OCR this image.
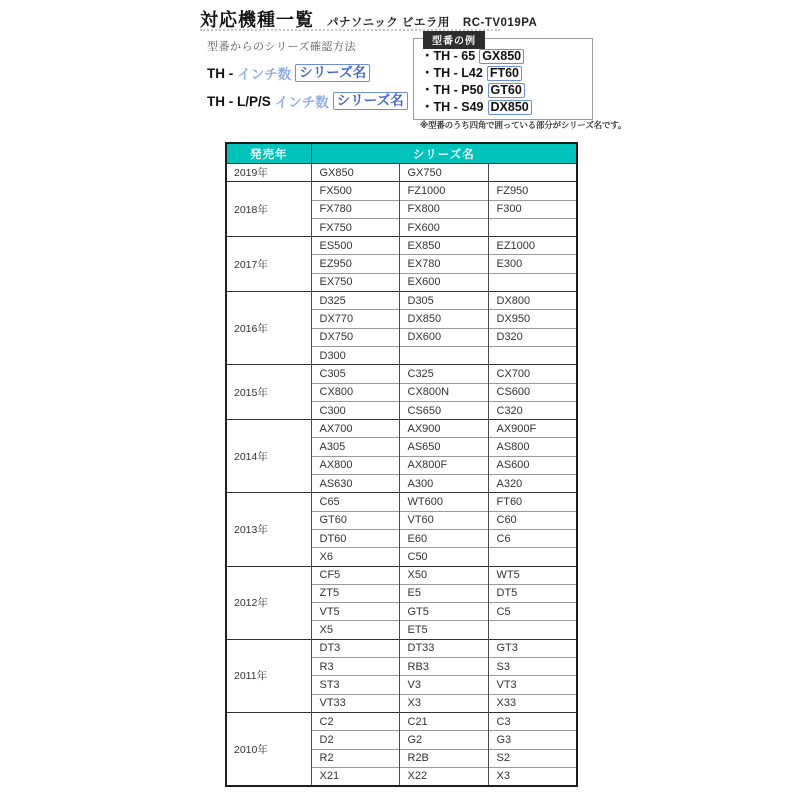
対応機種一覧 パナソニック ビエラ用 RC-TV019PA

型番からのシリーズ確認方法

TH - インチ数 シリーズ名
TH - L/P/S インチ数 シリーズ名
型番の例
・TH - 65 GX850
・TH - L42 FT60
・TH - P50 GT60
・TH - S49 DX850
※型番のうち四角で囲っている部分がシリーズ名です。
発売年	シリーズ名		
2019年	GX850	GX750	
2018年	FX500	FZ1000	FZ950
	FX780	FX800	F300
	FX750	FX600	
2017年	ES500	EX850	EZ1000
	EZ950	EX780	E300
	EX750	EX600	
2016年	D325	D305	DX800
	DX770	DX850	DX950
	DX750	DX600	D320
	D300		
2015年	C305	C325	CX700
	CX800	CX800N	CS600
	C300	CS650	C320
2014年	AX700	AX900	AX900F
	A305	AS650	AS800
	AX800	AX800F	AS600
	AS630	A300	A320
2013年	C65	WT600	FT60
	GT60	VT60	C60
	DT60	E60	C6
	X6	C50	
2012年	CF5	X50	WT5
	ZT5	E5	DT5
	VT5	GT5	C5
	X5	ET5	
2011年	DT3	DT33	GT3
	R3	RB3	S3
	ST3	V3	VT3
	VT33	X3	X33
2010年	C2	C21	C3
	D2	G2	G3
	R2	R2B	S2
	X21	X22	X3
